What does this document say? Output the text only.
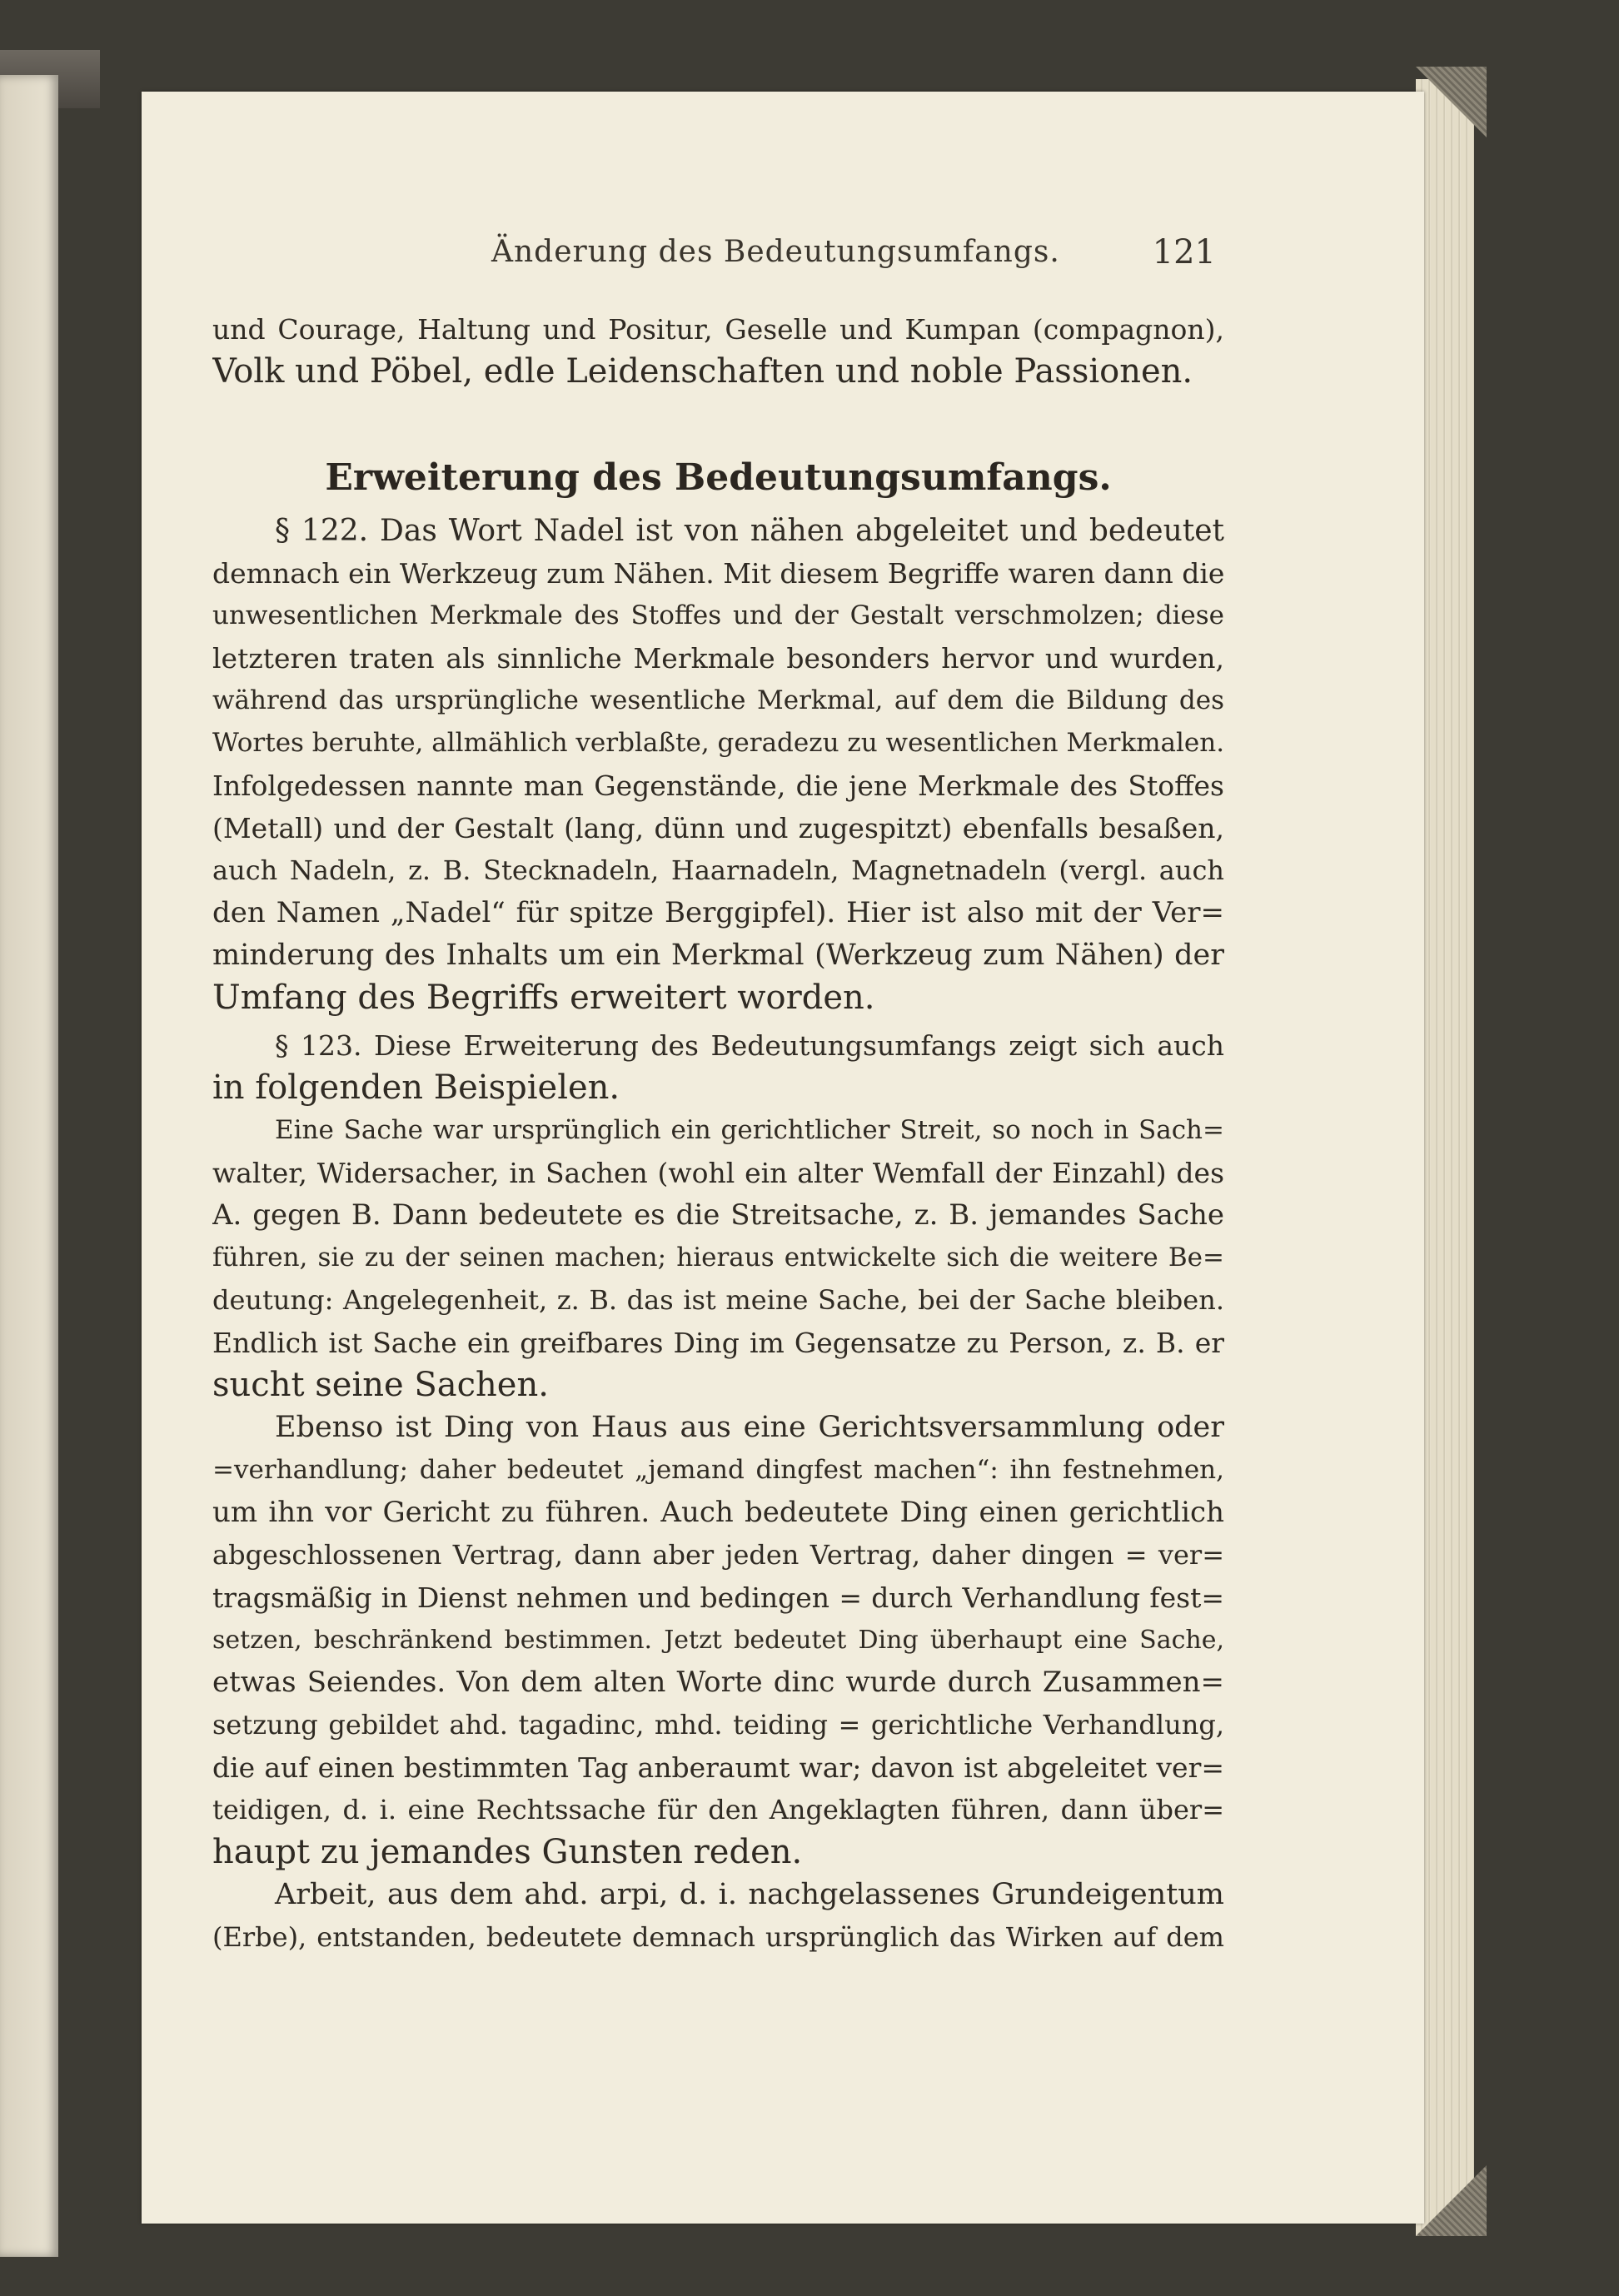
Änderung des Bedeutungsumfangs.	121
und Courage, Haltung und Positur, Geselle und Kumpan (compagnon),
Volk und Pöbel, edle Leidenschaften und noble Passionen.
Erweiterung des Bedeutungsumfangs.
§ 122. Das Wort Nadel ist von nähen abgeleitet und bedeutet
demnach ein Werkzeug zum Nähen. Mit diesem Begriffe waren dann die
unwesentlichen Merkmale des Stoffes und der Gestalt verschmolzen; diese
letzteren traten als sinnliche Merkmale besonders hervor und wurden,
während das ursprüngliche wesentliche Merkmal, auf dem die Bildung des
Wortes beruhte, allmählich verblaßte, geradezu zu wesentlichen Merkmalen.
Infolgedessen nannte man Gegenstände, die jene Merkmale des Stoffes
(Metall) und der Gestalt (lang, dünn und zugespitzt) ebenfalls besaßen,
auch Nadeln, z. B. Stecknadeln, Haarnadeln, Magnetnadeln (vergl. auch
den Namen „Nadel“ für spitze Berggipfel). Hier ist also mit der Ver=
minderung des Inhalts um ein Merkmal (Werkzeug zum Nähen) der
Umfang des Begriffs erweitert worden.
§ 123. Diese Erweiterung des Bedeutungsumfangs zeigt sich auch
in folgenden Beispielen.
Eine Sache war ursprünglich ein gerichtlicher Streit, so noch in Sach=
walter, Widersacher, in Sachen (wohl ein alter Wemfall der Einzahl) des
A. gegen B. Dann bedeutete es die Streitsache, z. B. jemandes Sache
führen, sie zu der seinen machen; hieraus entwickelte sich die weitere Be=
deutung: Angelegenheit, z. B. das ist meine Sache, bei der Sache bleiben.
Endlich ist Sache ein greifbares Ding im Gegensatze zu Person, z. B. er
sucht seine Sachen.
Ebenso ist Ding von Haus aus eine Gerichtsversammlung oder
=verhandlung; daher bedeutet „jemand dingfest machen“: ihn festnehmen,
um ihn vor Gericht zu führen. Auch bedeutete Ding einen gerichtlich
abgeschlossenen Vertrag, dann aber jeden Vertrag, daher dingen = ver=
tragsmäßig in Dienst nehmen und bedingen = durch Verhandlung fest=
setzen, beschränkend bestimmen. Jetzt bedeutet Ding überhaupt eine Sache,
etwas Seiendes. Von dem alten Worte dinc wurde durch Zusammen=
setzung gebildet ahd. tagadinc, mhd. teiding = gerichtliche Verhandlung,
die auf einen bestimmten Tag anberaumt war; davon ist abgeleitet ver=
teidigen, d. i. eine Rechtssache für den Angeklagten führen, dann über=
haupt zu jemandes Gunsten reden.
Arbeit, aus dem ahd. arpi, d. i. nachgelassenes Grundeigentum
(Erbe), entstanden, bedeutete demnach ursprünglich das Wirken auf dem
